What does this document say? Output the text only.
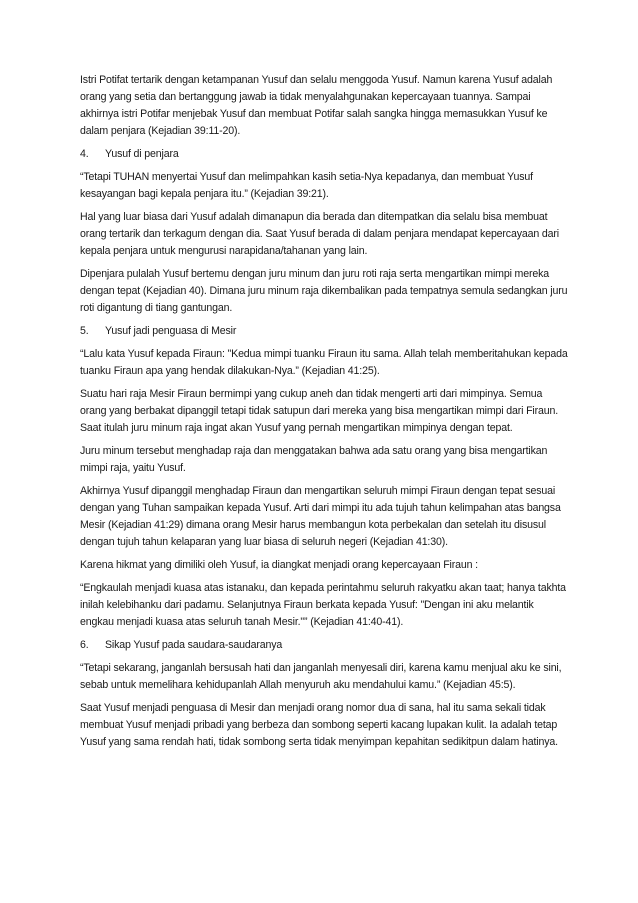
Istri Potifat tertarik dengan ketampanan Yusuf dan selalu menggoda Yusuf. Namun karena Yusuf adalah orang yang setia dan bertanggung jawab ia tidak menyalahgunakan kepercayaan tuannya. Sampai akhirnya istri Potifar menjebak Yusuf dan membuat Potifar salah sangka hingga memasukkan Yusuf ke dalam penjara (Kejadian 39:11-20).

4.	Yusuf di penjara

“Tetapi TUHAN menyertai Yusuf dan melimpahkan kasih setia-Nya kepadanya, dan membuat Yusuf kesayangan bagi kepala penjara itu.” (Kejadian 39:21).

Hal yang luar biasa dari Yusuf adalah dimanapun dia berada dan ditempatkan dia selalu bisa membuat orang tertarik dan terkagum dengan dia. Saat Yusuf berada di dalam penjara mendapat kepercayaan dari kepala penjara untuk mengurusi narapidana/tahanan yang lain.

Dipenjara pulalah Yusuf bertemu dengan juru minum dan juru roti raja serta mengartikan mimpi mereka dengan tepat (Kejadian 40). Dimana juru minum raja dikembalikan pada tempatnya semula sedangkan juru roti digantung di tiang gantungan.

5.	Yusuf jadi penguasa di Mesir

“Lalu kata Yusuf kepada Firaun: "Kedua mimpi tuanku Firaun itu sama. Allah telah memberitahukan kepada tuanku Firaun apa yang hendak dilakukan-Nya.” (Kejadian 41:25).

Suatu hari raja Mesir Firaun bermimpi yang cukup aneh dan tidak mengerti arti dari mimpinya. Semua orang yang berbakat dipanggil tetapi tidak satupun dari mereka yang bisa mengartikan mimpi dari Firaun. Saat itulah juru minum raja ingat akan Yusuf yang pernah mengartikan mimpinya dengan tepat.

Juru minum tersebut menghadap raja dan menggatakan bahwa ada satu orang yang bisa mengartikan mimpi raja, yaitu Yusuf.

Akhirnya Yusuf dipanggil menghadap Firaun dan mengartikan seluruh mimpi Firaun dengan tepat sesuai dengan yang Tuhan sampaikan kepada Yusuf. Arti dari mimpi itu ada tujuh tahun kelimpahan atas bangsa Mesir (Kejadian 41:29) dimana orang Mesir harus membangun kota perbekalan dan setelah itu disusul dengan tujuh tahun kelaparan yang luar biasa di seluruh negeri (Kejadian 41:30).

Karena hikmat yang dimiliki oleh Yusuf, ia diangkat menjadi orang kepercayaan Firaun :

“Engkaulah menjadi kuasa atas istanaku, dan kepada perintahmu seluruh rakyatku akan taat; hanya takhta inilah kelebihanku dari padamu. Selanjutnya Firaun berkata kepada Yusuf: "Dengan ini aku melantik engkau menjadi kuasa atas seluruh tanah Mesir."” (Kejadian 41:40-41).

6.	Sikap Yusuf pada saudara-saudaranya

“Tetapi sekarang, janganlah bersusah hati dan janganlah menyesali diri, karena kamu menjual aku ke sini, sebab untuk memelihara kehidupanlah Allah menyuruh aku mendahului kamu.” (Kejadian 45:5).

Saat Yusuf menjadi penguasa di Mesir dan menjadi orang nomor dua di sana, hal itu sama sekali tidak membuat Yusuf menjadi pribadi yang berbeza dan sombong seperti kacang lupakan kulit. Ia adalah tetap Yusuf yang sama rendah hati, tidak sombong serta tidak menyimpan kepahitan sedikitpun dalam hatinya.
